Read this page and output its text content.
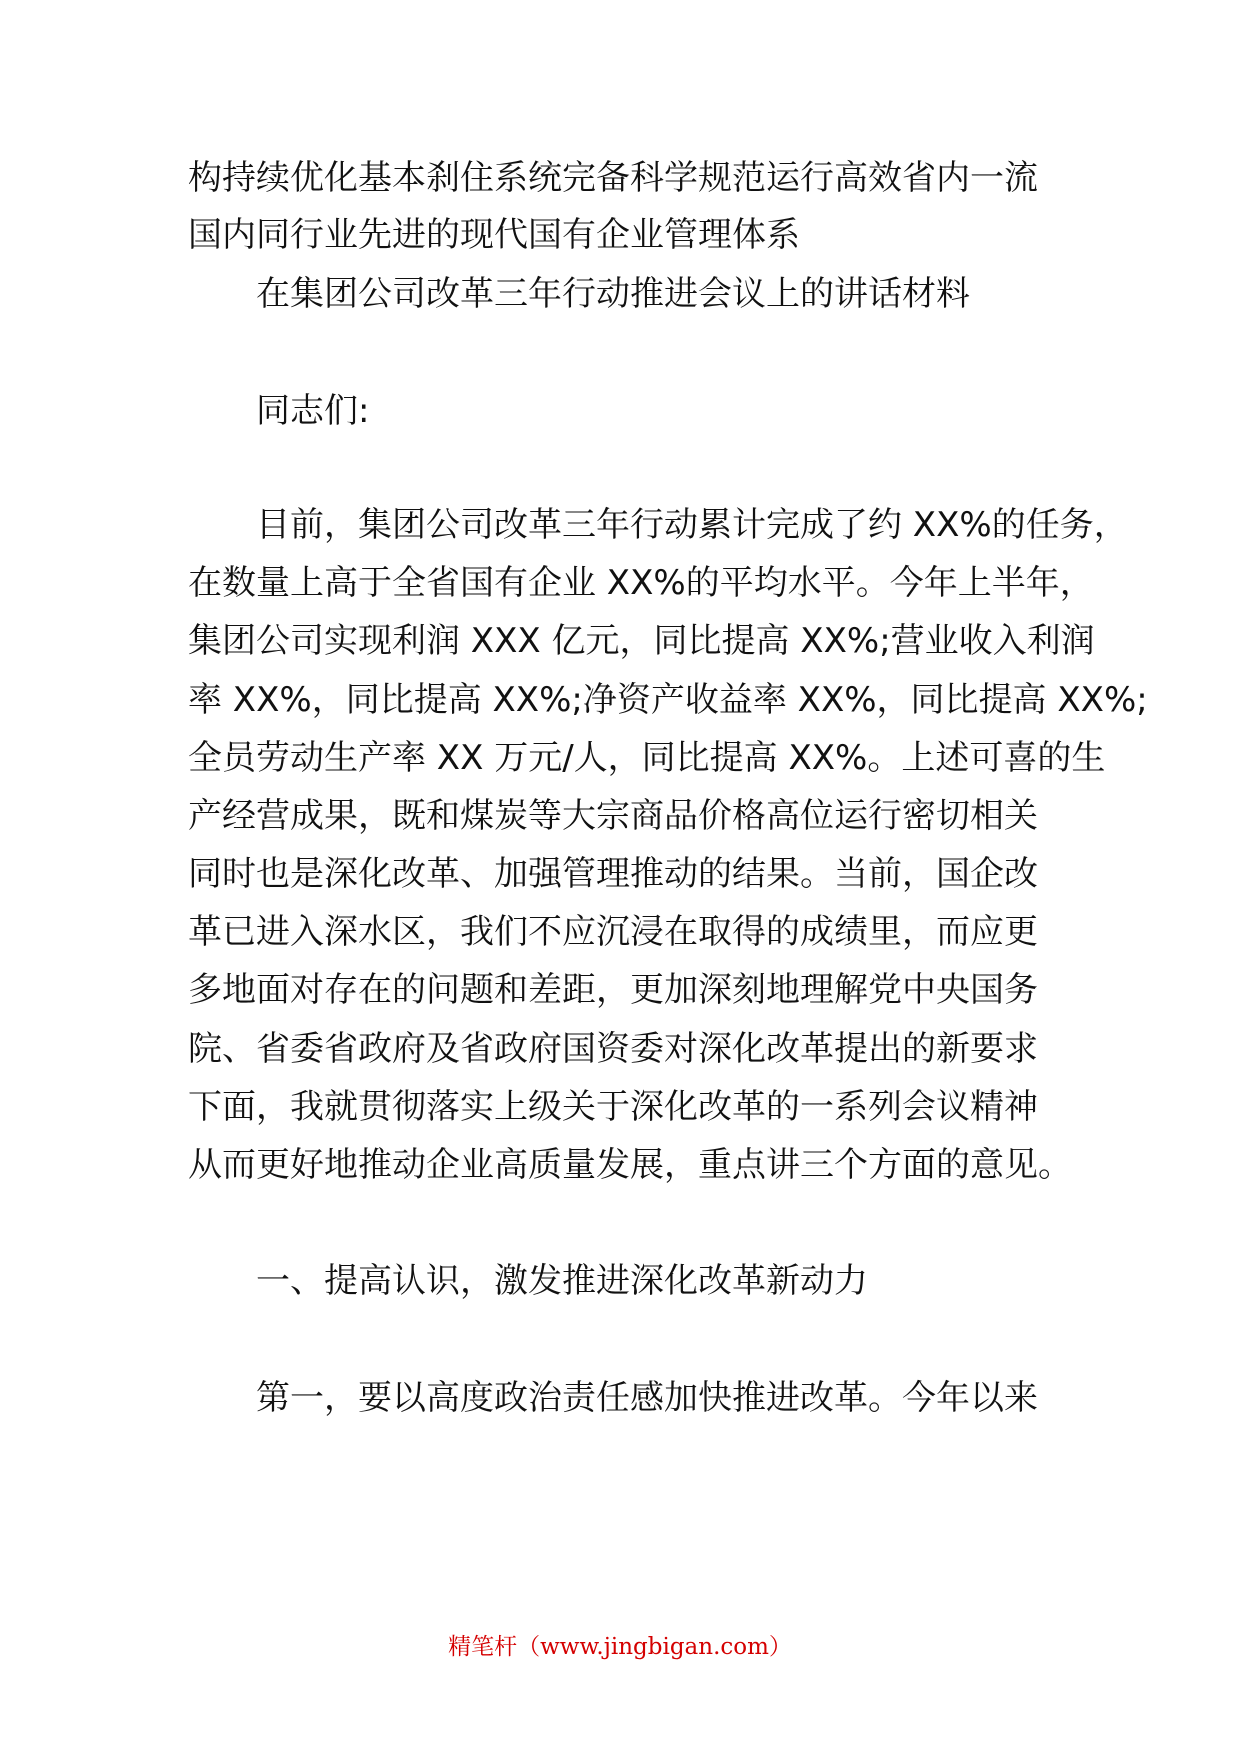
构持续优化基本刹住系统完备科学规范运行高效省内一流
国内同行业先进的现代国有企业管理体系
在集团公司改革三年行动推进会议上的讲话材料
同志们:
目前，集团公司改革三年行动累计完成了约 XX%的任务，
在数量上高于全省国有企业 XX%的平均水平。今年上半年，
集团公司实现利润 XXX 亿元，同比提高 XX%;营业收入利润
率 XX%，同比提高 XX%;净资产收益率 XX%，同比提高 XX%;
全员劳动生产率 XX 万元/人，同比提高 XX%。上述可喜的生
产经营成果，既和煤炭等大宗商品价格高位运行密切相关
同时也是深化改革、加强管理推动的结果。当前，国企改
革已进入深水区，我们不应沉浸在取得的成绩里，而应更
多地面对存在的问题和差距，更加深刻地理解党中央国务
院、省委省政府及省政府国资委对深化改革提出的新要求
下面，我就贯彻落实上级关于深化改革的一系列会议精神
从而更好地推动企业高质量发展，重点讲三个方面的意见。
一、提高认识，激发推进深化改革新动力
第一，要以高度政治责任感加快推进改革。今年以来
精笔杆（www.jingbigan.com）
